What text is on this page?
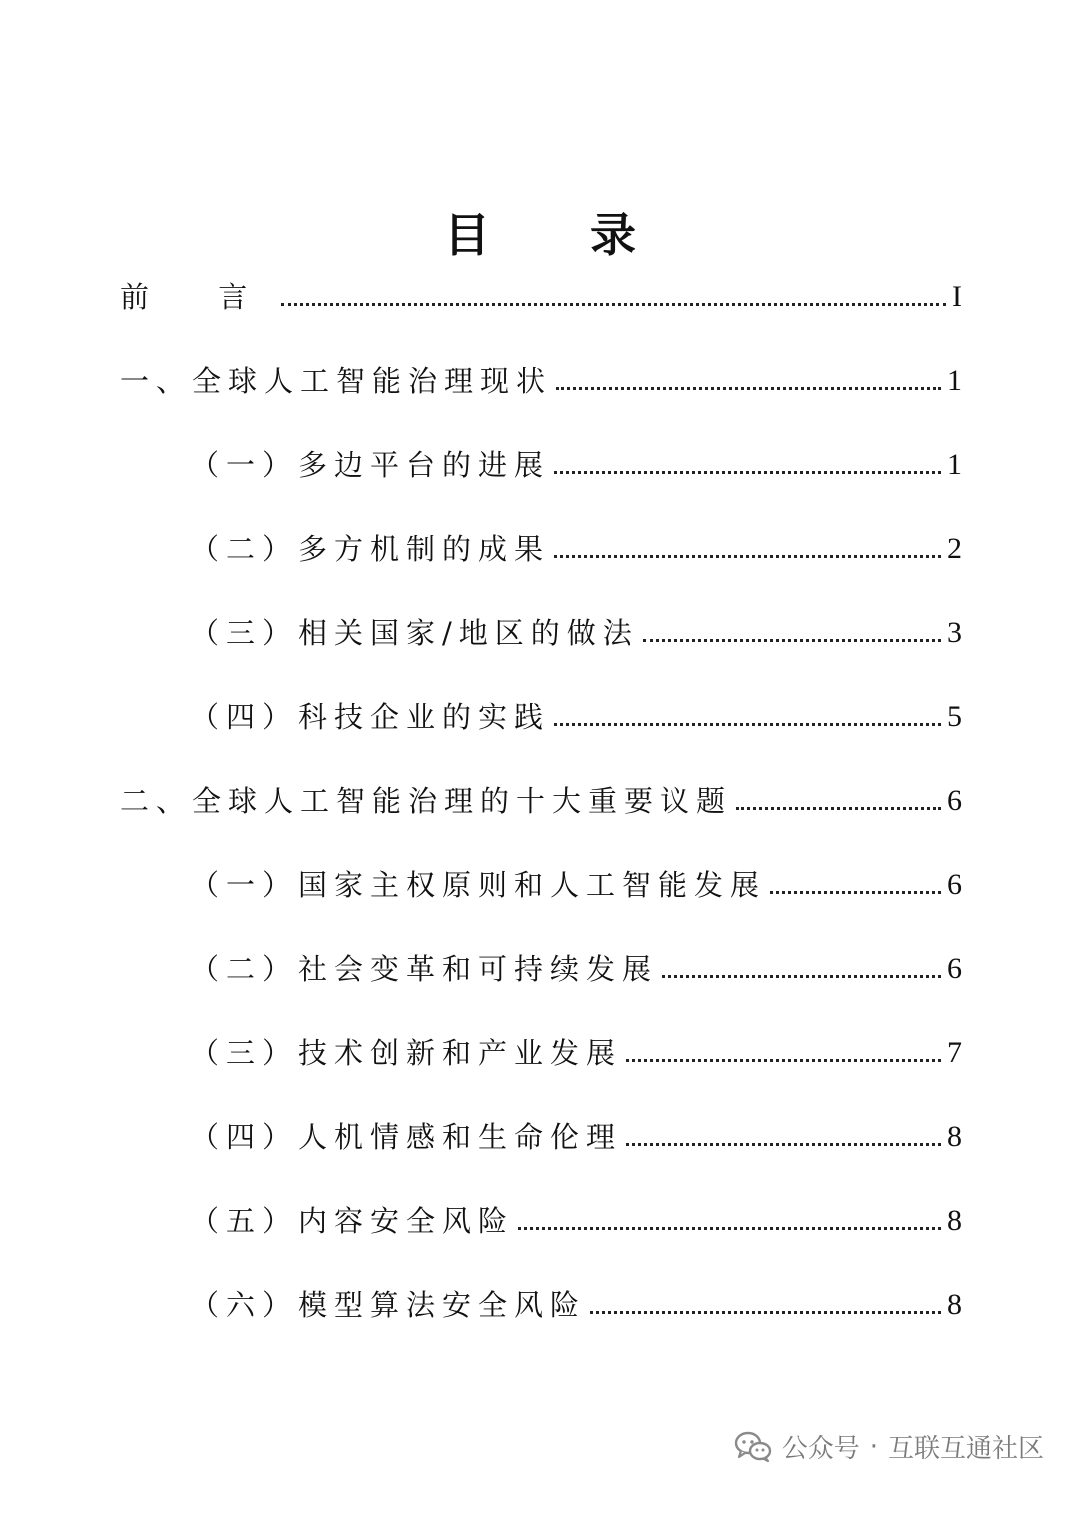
目 录
前 言	I
一、全球人工智能治理现状	1
（一）多边平台的进展	1
（二）多方机制的成果	2
（三）相关国家/地区的做法	3
（四）科技企业的实践	5
二、全球人工智能治理的十大重要议题	6
（一）国家主权原则和人工智能发展	6
（二）社会变革和可持续发展	6
（三）技术创新和产业发展	7
（四）人机情感和生命伦理	8
（五）内容安全风险	8
（六）模型算法安全风险	8
公众号 · 互联互通社区
